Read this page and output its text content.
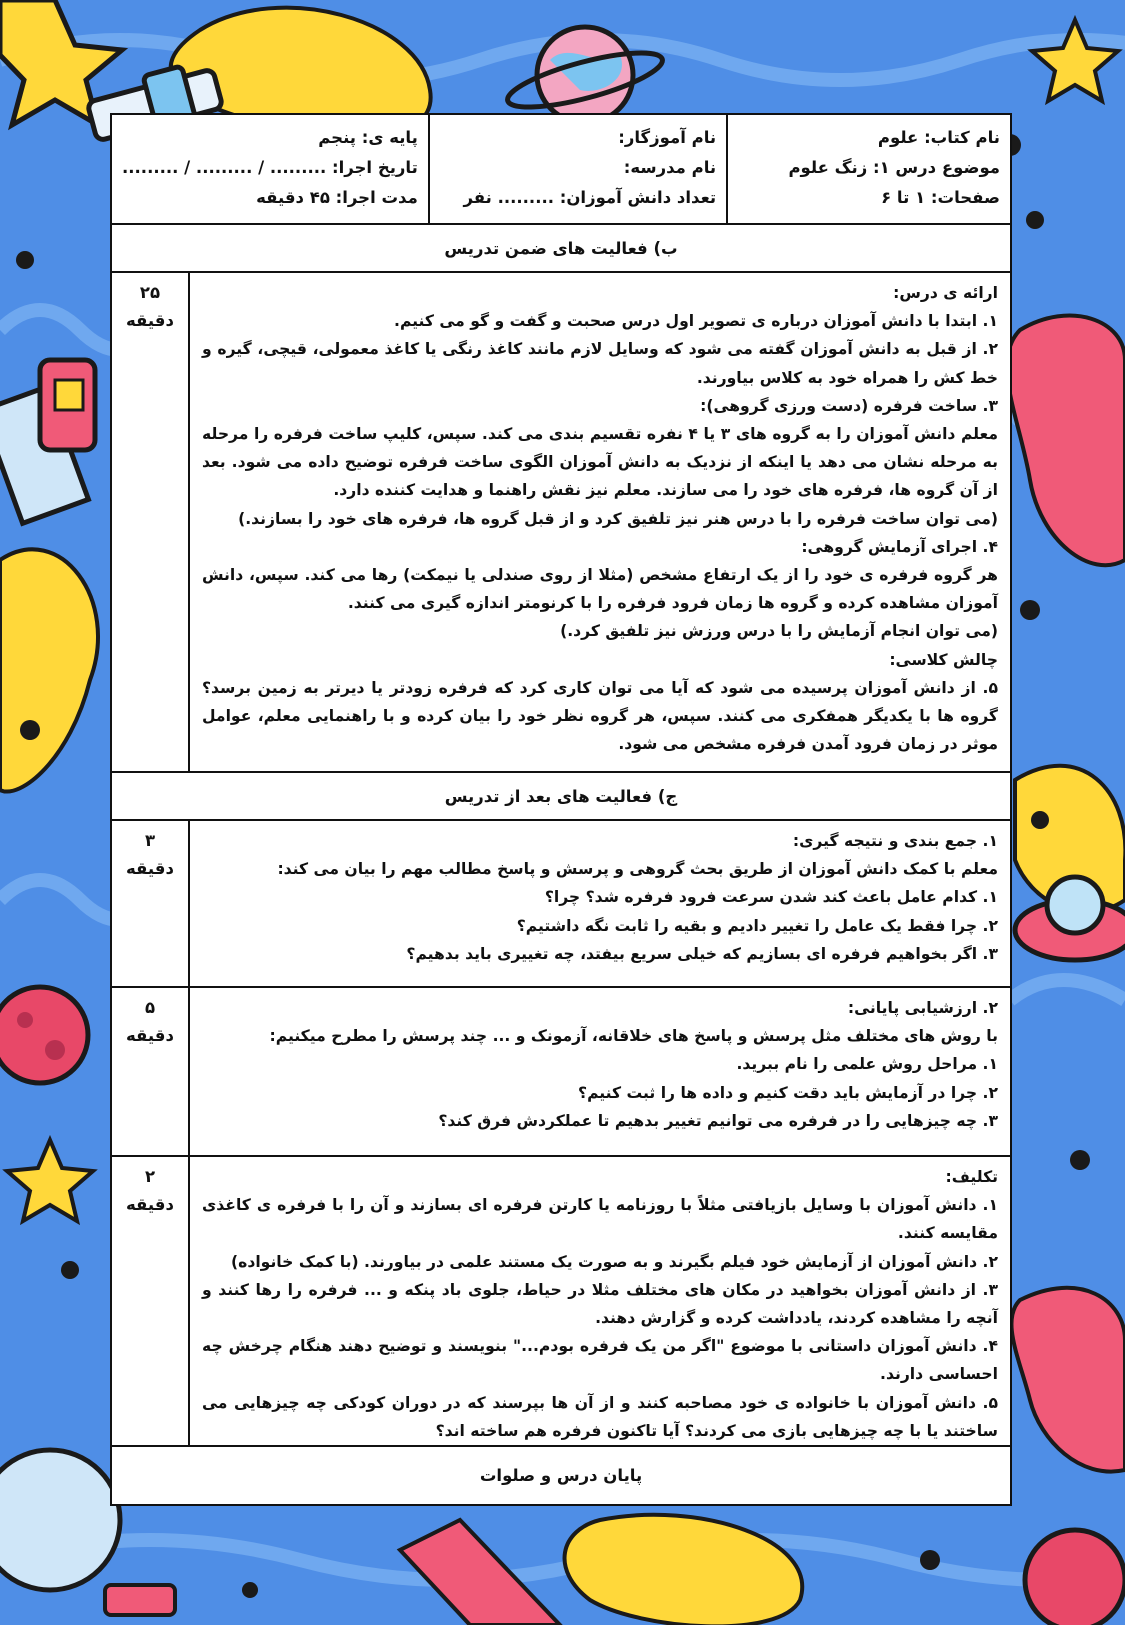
نام کتاب: علوم
موضوع درس ۱: زنگ علوم
صفحات: ۱ تا ۶
نام آموزگار:
نام مدرسه:
تعداد دانش آموزان: ......... نفر
پایه ی: پنجم
تاریخ اجرا: ......... / ......... / .........
مدت اجرا: ۴۵ دقیقه
ب) فعالیت های ضمن تدریس

ارائه ی درس:

۱. ابتدا با دانش آموزان درباره ی تصویر اول درس صحبت و گفت و گو می کنیم.

۲. از قبل به دانش آموزان گفته می شود که وسایل لازم مانند کاغذ رنگی یا کاغذ معمولی، قیچی، گیره و خط کش را همراه خود به کلاس بیاورند.

۳. ساخت فرفره (دست ورزی گروهی):

معلم دانش آموزان را به گروه های ۳ یا ۴ نفره تقسیم بندی می کند. سپس، کلیپ ساخت فرفره را مرحله به مرحله نشان می دهد یا اینکه از نزدیک به دانش آموزان الگوی ساخت فرفره توضیح داده می شود. بعد از آن گروه ها، فرفره های خود را می سازند. معلم نیز نقش راهنما و هدایت کننده دارد.

(می توان ساخت فرفره را با درس هنر نیز تلفیق کرد و از قبل گروه ها، فرفره های خود را بسازند.)

۴. اجرای آزمایش گروهی:

هر گروه فرفره ی خود را از یک ارتفاع مشخص (مثلا از روی صندلی یا نیمکت) رها می کند. سپس، دانش آموزان مشاهده کرده و گروه ها زمان فرود فرفره را با کرنومتر اندازه گیری می کنند.

(می توان انجام آزمایش را با درس ورزش نیز تلفیق کرد.)

چالش کلاسی:

۵. از دانش آموزان پرسیده می شود که آیا می توان کاری کرد که فرفره زودتر یا دیرتر به زمین برسد؟ گروه ها با یکدیگر همفکری می کنند. سپس، هر گروه نظر خود را بیان کرده و با راهنمایی معلم، عوامل موثر در زمان فرود آمدن فرفره مشخص می شود.

۲۵
دقیقه
ج) فعالیت های بعد از تدریس

۱. جمع بندی و نتیجه گیری:

معلم با کمک دانش آموزان از طریق بحث گروهی و پرسش و پاسخ مطالب مهم را بیان می کند:

۱. کدام عامل باعث کند شدن سرعت فرود فرفره شد؟ چرا؟

۲. چرا فقط یک عامل را تغییر دادیم و بقیه را ثابت نگه داشتیم؟

۳. اگر بخواهیم فرفره ای بسازیم که خیلی سریع بیفتد، چه تغییری باید بدهیم؟

۳
دقیقه

۲. ارزشیابی پایانی:

با روش های مختلف مثل پرسش و پاسخ های خلاقانه، آزمونک و ... چند پرسش را مطرح میکنیم:

۱. مراحل روش علمی را نام ببرید.

۲. چرا در آزمایش باید دقت کنیم و داده ها را ثبت کنیم؟

۳. چه چیزهایی را در فرفره می توانیم تغییر بدهیم تا عملکردش فرق کند؟

۵
دقیقه

تکلیف:

۱. دانش آموزان با وسایل بازیافتی مثلاً با روزنامه یا کارتن فرفره ای بسازند و آن را با فرفره ی کاغذی مقایسه کنند.

۲. دانش آموزان از آزمایش خود فیلم بگیرند و به صورت یک مستند علمی در بیاورند. (با کمک خانواده)

۳. از دانش آموزان بخواهید در مکان های مختلف مثلا در حیاط، جلوی باد پنکه و ... فرفره را رها کنند و آنچه را مشاهده کردند، یادداشت کرده و گزارش دهند.

۴. دانش آموزان داستانی با موضوع "اگر من یک فرفره بودم..." بنویسند و توضیح دهند هنگام چرخش چه احساسی دارند.

۵. دانش آموزان با خانواده ی خود مصاحبه کنند و از آن ها بپرسند که در دوران کودکی چه چیزهایی می ساختند یا با چه چیزهایی بازی می کردند؟ آیا تاکنون فرفره هم ساخته اند؟

۲
دقیقه
پایان درس و صلوات
